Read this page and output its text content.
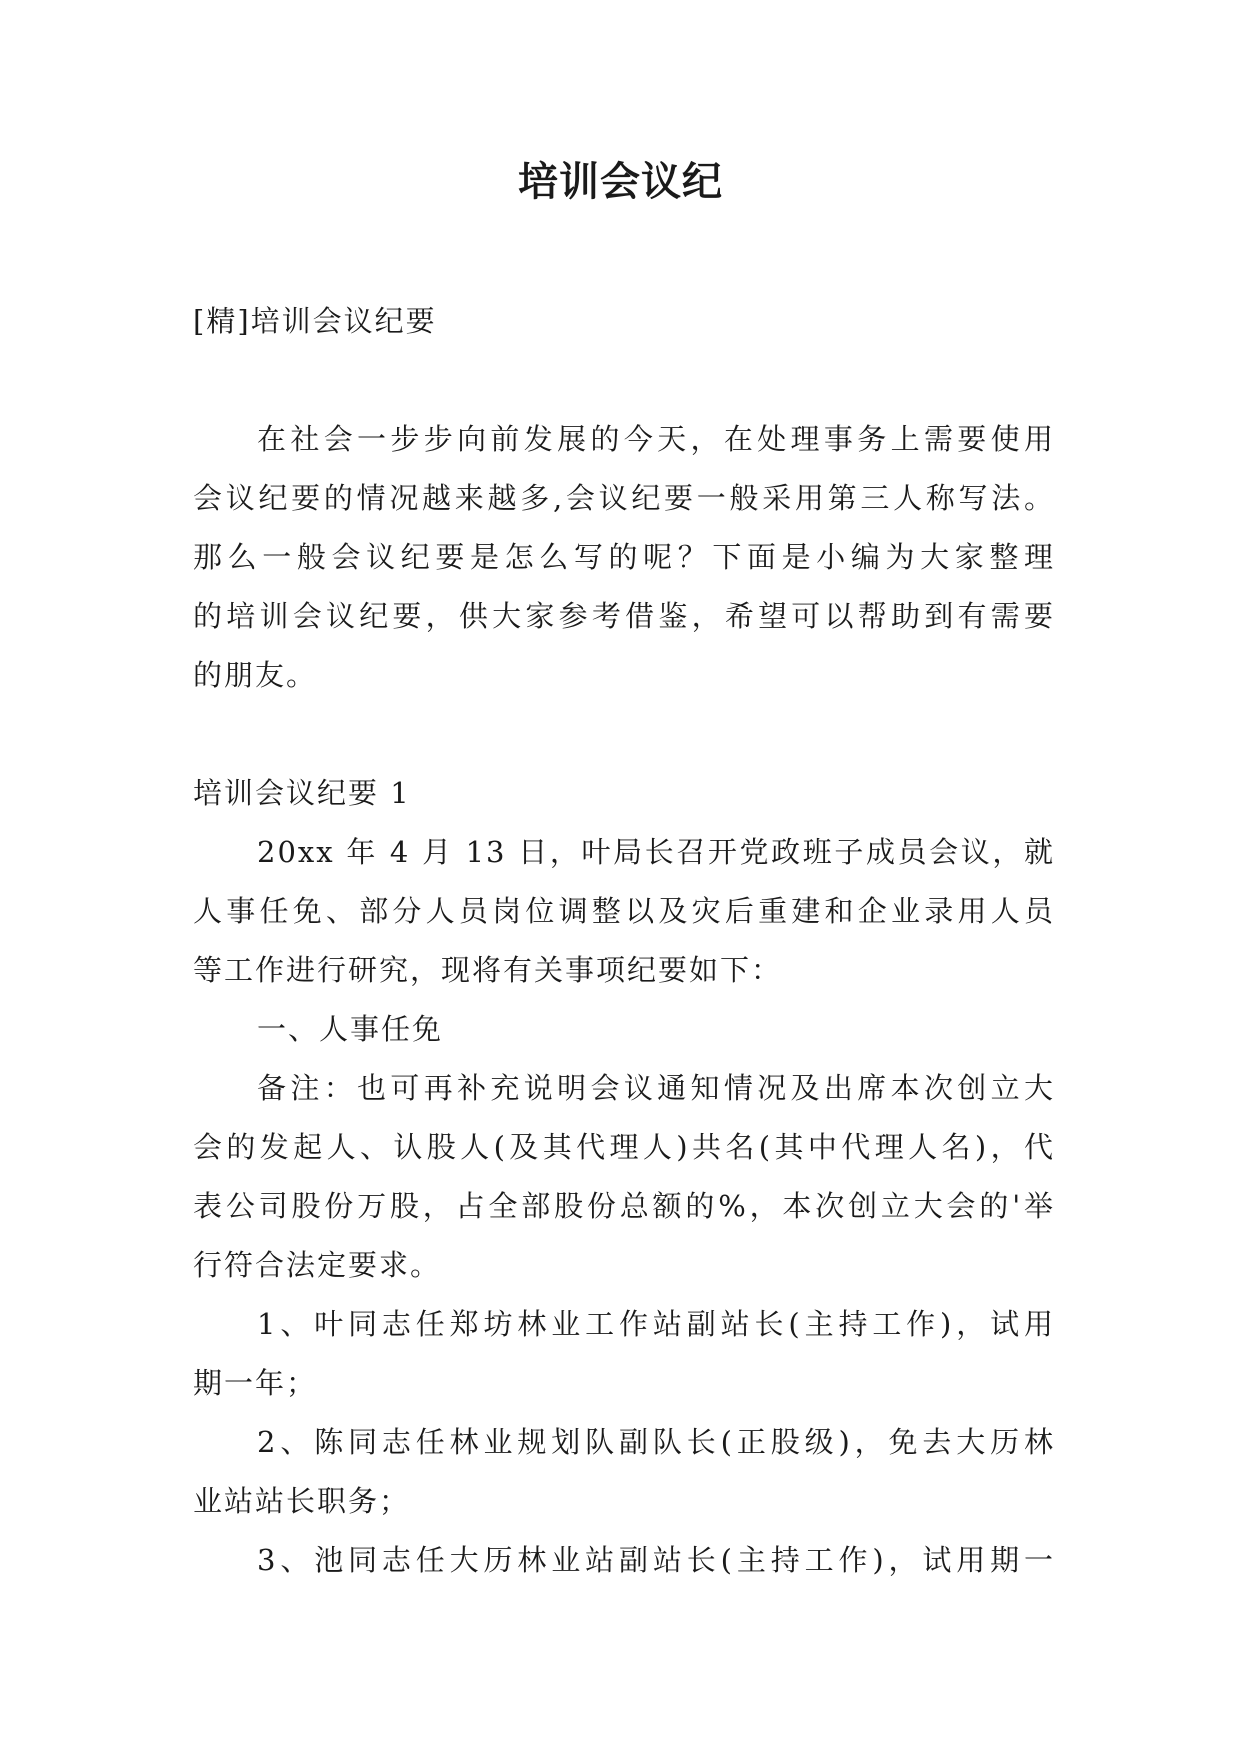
培训会议纪
[精]培训会议纪要
在社会一步步向前发展的今天，在处理事务上需要使用
会议纪要的情况越来越多,会议纪要一般采用第三人称写法。
那么一般会议纪要是怎么写的呢？下面是小编为大家整理
的培训会议纪要，供大家参考借鉴，希望可以帮助到有需要
的朋友。
培训会议纪要 1
20xx 年 4 月 13 日，叶局长召开党政班子成员会议，就
人事任免、部分人员岗位调整以及灾后重建和企业录用人员
等工作进行研究，现将有关事项纪要如下：
一、人事任免
备注：也可再补充说明会议通知情况及出席本次创立大
会的发起人、认股人(及其代理人)共名(其中代理人名)，代
表公司股份万股，占全部股份总额的%，本次创立大会的'举
行符合法定要求。
1、叶同志任郑坊林业工作站副站长(主持工作)，试用
期一年；
2、陈同志任林业规划队副队长(正股级)，免去大历林
业站站长职务；
3、池同志任大历林业站副站长(主持工作)，试用期一
